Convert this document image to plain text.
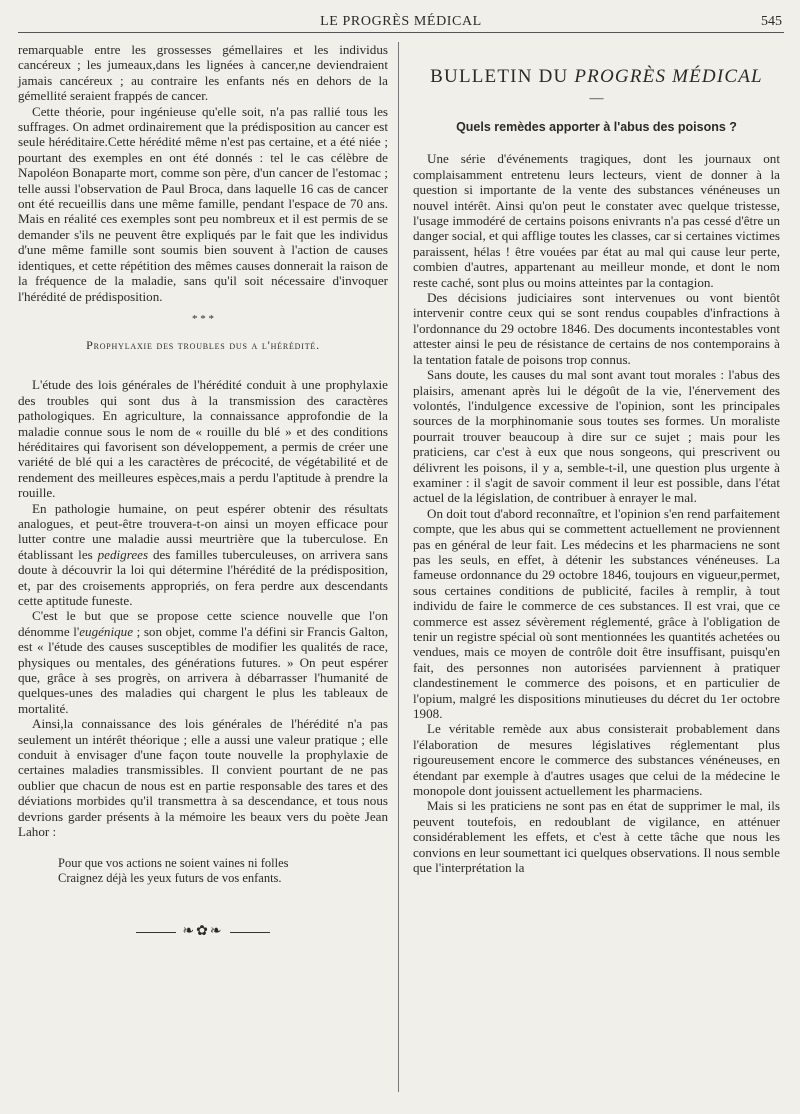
LE PROGRÈS MÉDICAL	545

remarquable entre les grossesses gémellaires et les individus cancéreux ; les jumeaux,dans les lignées à cancer,ne deviendraient jamais cancéreux ; au contraire les enfants nés en dehors de la gémellité seraient frappés de cancer.

Cette théorie, pour ingénieuse qu'elle soit, n'a pas rallié tous les suffrages. On admet ordinairement que la prédisposition au cancer est seule héréditaire.Cette hérédité même n'est pas certaine, et a été niée ; pourtant des exemples en ont été donnés : tel le cas célèbre de Napoléon Bonaparte mort, comme son père, d'un cancer de l'estomac ; telle aussi l'observation de Paul Broca, dans laquelle 16 cas de cancer ont été recueillis dans une même famille, pendant l'espace de 70 ans. Mais en réalité ces exemples sont peu nombreux et il est permis de se demander s'ils ne peuvent être expliqués par le fait que les individus d'une même famille sont soumis bien souvent à l'action de causes identiques, et cette répétition des mêmes causes donnerait la raison de la fréquence de la maladie, sans qu'il soit nécessaire d'invoquer l'hérédité de prédisposition.

* * *
Prophylaxie des troubles dus a l'hérédité.

L'étude des lois générales de l'hérédité conduit à une prophylaxie des troubles qui sont dus à la transmission des caractères pathologiques. En agriculture, la connaissance approfondie de la maladie connue sous le nom de « rouille du blé » et des conditions héréditaires qui favorisent son développement, a permis de créer une variété de blé qui a les caractères de précocité, de végétabilité et de rendement des meilleures espèces,mais a perdu l'aptitude à prendre la rouille.

En pathologie humaine, on peut espérer obtenir des résultats analogues, et peut-être trouvera-t-on ainsi un moyen efficace pour lutter contre une maladie aussi meurtrière que la tuberculose. En établissant les pedigrees des familles tuberculeuses, on arrivera sans doute à découvrir la loi qui détermine l'hérédité de la prédisposition, et, par des croisements appropriés, on fera perdre aux descendants cette aptitude funeste.

C'est le but que se propose cette science nouvelle que l'on dénomme l'eugénique ; son objet, comme l'a défini sir Francis Galton, est « l'étude des causes susceptibles de modifier les qualités de race, physiques ou mentales, des générations futures. » On peut espérer que, grâce à ses progrès, on arrivera à débarrasser l'humanité de quelques-unes des maladies qui chargent le plus les tableaux de mortalité.

Ainsi,la connaissance des lois générales de l'hérédité n'a pas seulement un intérêt théorique ; elle a aussi une valeur pratique ; elle conduit à envisager d'une façon toute nouvelle la prophylaxie de certaines maladies transmissibles. Il convient pourtant de ne pas oublier que chacun de nous est en partie responsable des tares et des déviations morbides qu'il transmettra à sa descendance, et tous nous devrions garder présents à la mémoire les beaux vers du poète Jean Lahor :

Pour que vos actions ne soient vaines ni folles
Craignez déjà les yeux futurs de vos enfants.
❧✿❧
BULLETIN DU PROGRÈS MÉDICAL
—
Quels remèdes apporter à l'abus des poisons ?

Une série d'événements tragiques, dont les journaux ont complaisamment entretenu leurs lecteurs, vient de donner à la question si importante de la vente des substances vénéneuses un nouvel intérêt. Ainsi qu'on peut le constater avec quelque tristesse, l'usage immodéré de certains poisons enivrants n'a pas cessé d'être un danger social, et qui afflige toutes les classes, car si certaines victimes paraissent, hélas ! être vouées par état au mal qui cause leur perte, combien d'autres, appartenant au meilleur monde, et dont le nom reste caché, sont plus ou moins atteintes par la contagion.

Des décisions judiciaires sont intervenues ou vont bientôt intervenir contre ceux qui se sont rendus coupables d'infractions à l'ordonnance du 29 octobre 1846. Des documents incontestables vont attester ainsi le peu de résistance de certains de nos contemporains à la tentation fatale de poisons trop connus.

Sans doute, les causes du mal sont avant tout morales : l'abus des plaisirs, amenant après lui le dégoût de la vie, l'énervement des volontés, l'indulgence excessive de l'opinion, sont les principales sources de la morphinomanie sous toutes ses formes. Un moraliste pourrait trouver beaucoup à dire sur ce sujet ; mais pour les praticiens, car c'est à eux que nous songeons, qui prescrivent ou délivrent les poisons, il y a, semble-t-il, une question plus urgente à examiner : il s'agit de savoir comment il leur est possible, dans l'état actuel de la législation, de contribuer à enrayer le mal.

On doit tout d'abord reconnaître, et l'opinion s'en rend parfaitement compte, que les abus qui se commettent actuellement ne proviennent pas en général de leur fait. Les médecins et les pharmaciens ne sont pas les seuls, en effet, à détenir les substances vénéneuses. La fameuse ordonnance du 29 octobre 1846, toujours en vigueur,permet, sous certaines conditions de publicité, faciles à remplir, à tout individu de faire le commerce de ces substances. Il est vrai, que ce commerce est assez sévèrement réglementé, grâce à l'obligation de tenir un registre spécial où sont mentionnées les quantités achetées ou vendues, mais ce moyen de contrôle doit être insuffisant, puisqu'en fait, des personnes non autorisées parviennent à pratiquer clandestinement le commerce des poisons, et en particulier de l'opium, malgré les dispositions minutieuses du décret du 1er octobre 1908.

Le véritable remède aux abus consisterait probablement dans l'élaboration de mesures législatives réglementant plus rigoureusement encore le commerce des substances vénéneuses, en étendant par exemple à d'autres usages que celui de la médecine le monopole dont jouissent actuellement les pharmaciens.

Mais si les praticiens ne sont pas en état de supprimer le mal, ils peuvent toutefois, en redoublant de vigilance, en atténuer considérablement les effets, et c'est à cette tâche que nous les convions en leur soumettant ici quelques observations. Il nous semble que l'interprétation la
